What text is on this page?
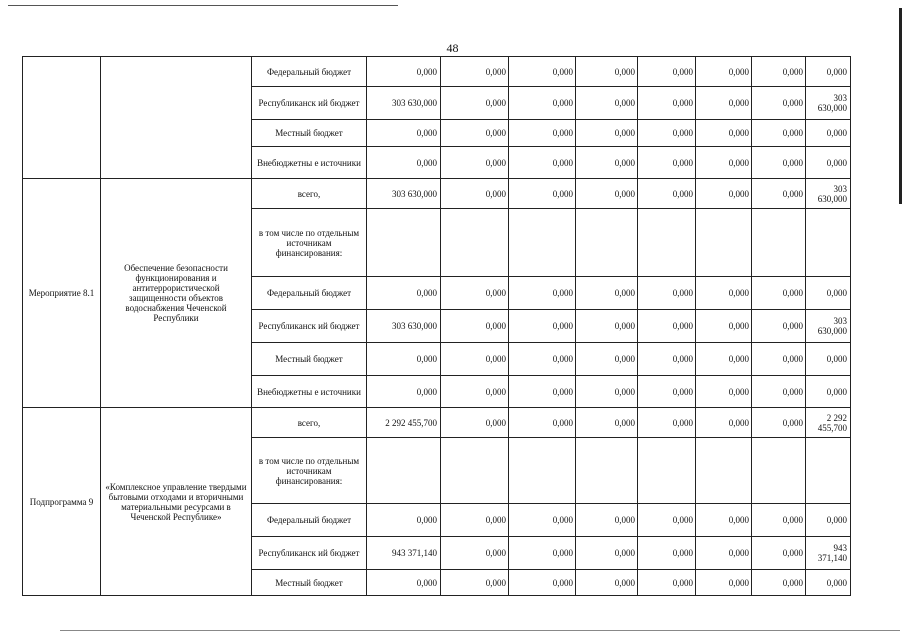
48
		Федеральный бюджет	0,000	0,000	0,000	0,000	0,000	0,000	0,000	0,000
		Республиканск ий бюджет	303 630,000	0,000	0,000	0,000	0,000	0,000	0,000	303 630,000
		Местный бюджет	0,000	0,000	0,000	0,000	0,000	0,000	0,000	0,000
		Внебюджетны е источники	0,000	0,000	0,000	0,000	0,000	0,000	0,000	0,000
Мероприятие 8.1	Обеспечение безопасности функционирования и антитеррористической защищенности объектов водоснабжения Чеченской Республики	всего,	303 630,000	0,000	0,000	0,000	0,000	0,000	0,000	303 630,000
		в том числе по отдельным источникам финансирования:								
		Федеральный бюджет	0,000	0,000	0,000	0,000	0,000	0,000	0,000	0,000
		Республиканск ий бюджет	303 630,000	0,000	0,000	0,000	0,000	0,000	0,000	303 630,000
		Местный бюджет	0,000	0,000	0,000	0,000	0,000	0,000	0,000	0,000
		Внебюджетны е источники	0,000	0,000	0,000	0,000	0,000	0,000	0,000	0,000
Подпрограмма 9	«Комплексное управление твердыми бытовыми отходами и вторичными материальными ресурсами в Чеченской Республике»	всего,	2 292 455,700	0,000	0,000	0,000	0,000	0,000	0,000	2 292 455,700
		в том числе по отдельным источникам финансирования:								
		Федеральный бюджет	0,000	0,000	0,000	0,000	0,000	0,000	0,000	0,000
		Республиканск ий бюджет	943 371,140	0,000	0,000	0,000	0,000	0,000	0,000	943 371,140
		Местный бюджет	0,000	0,000	0,000	0,000	0,000	0,000	0,000	0,000
